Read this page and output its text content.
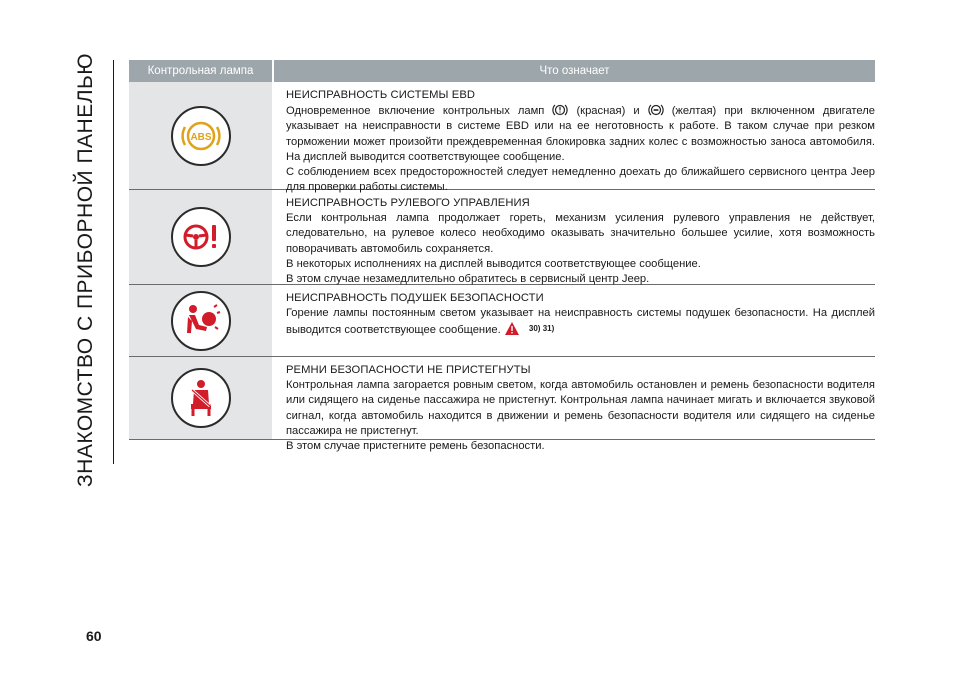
ЗНАКОМСТВО С ПРИБОРНОЙ ПАНЕЛЬЮ	Контрольная лампа	Что означает
ABS
НЕИСПРАВНОСТЬ СИСТЕМЫ EBD

Одновременное включение контрольных ламп	(красная) и	(желтая) при включенном двигателе указывает на неисправности в системе EBD или на ее неготовность к работе. В таком случае при резком торможении может произойти преждевременная блокировка задних колес с возможностью заноса автомобиля. На дисплей выводится соответствующее сообщение.

С соблюдением всех предосторожностей следует немедленно доехать до ближайшего сервисного центра Jeep для проверки работы системы.

НЕИСПРАВНОСТЬ РУЛЕВОГО УПРАВЛЕНИЯ

Если контрольная лампа продолжает гореть, механизм усиления рулевого управления не действует, следовательно, на рулевое колесо необходимо оказывать значительно большее усилие, хотя возможность поворачивать автомобиль сохраняется.

В некоторых исполнениях на дисплей выводится соответствующее сообщение.

В этом случае незамедлительно обратитесь в сервисный центр Jeep.

НЕИСПРАВНОСТЬ ПОДУШЕК БЕЗОПАСНОСТИ

Горение лампы постоянным светом указывает на неисправность системы подушек безопасности. На дисплей выводится соответствующее сообщение.	30) 31)

РЕМНИ БЕЗОПАСНОСТИ НЕ ПРИСТЕГНУТЫ

Контрольная лампа загорается ровным светом, когда автомобиль остановлен и ремень безопасности водителя или сидящего на сиденье пассажира не пристегнут. Контрольная лампа начинает мигать и включается звуковой сигнал, когда автомобиль находится в движении и ремень безопасности водителя или сидящего на сиденье пассажира не пристегнут.

В этом случае пристегните ремень безопасности.

60
